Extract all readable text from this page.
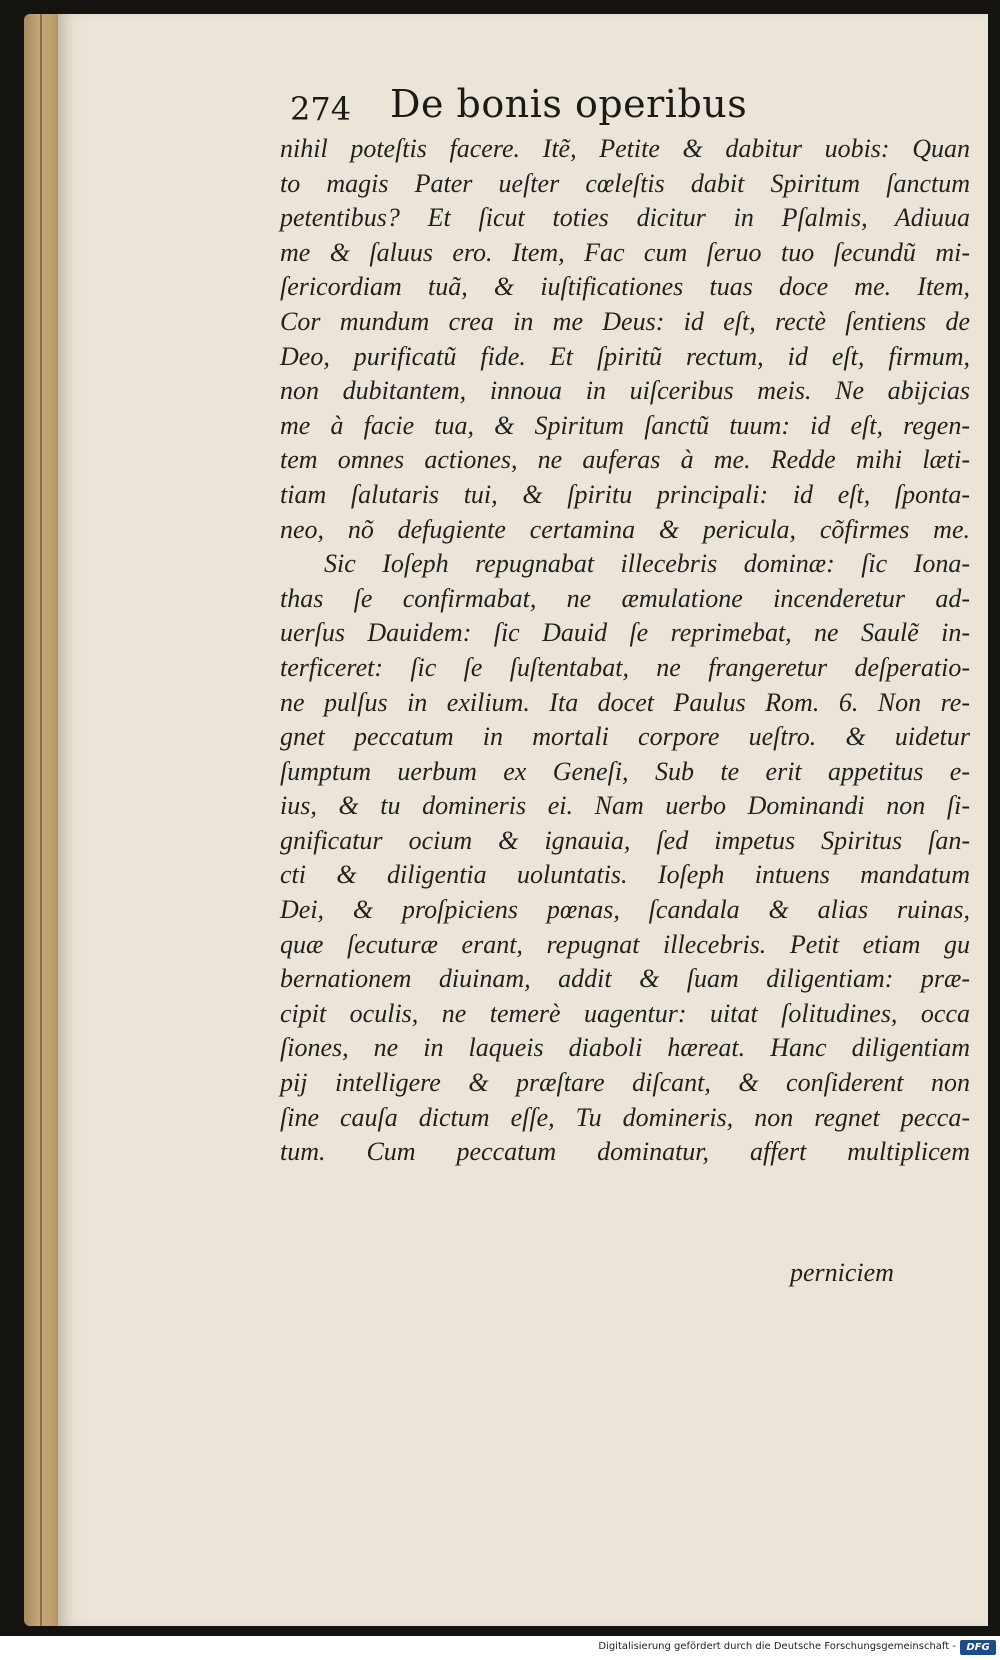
274 De bonis operibus
nihil poteſtis facere. Itẽ, Petite & dabitur uobis: Quan
to magis Pater ueſter cœleſtis dabit Spiritum ſanctum
petentibus? Et ſicut toties dicitur in Pſalmis, Adiuua
me & ſaluus ero. Item, Fac cum ſeruo tuo ſecundũ mi-
ſericordiam tuã, & iuſtificationes tuas doce me. Item,
Cor mundum crea in me Deus: id eſt, rectè ſentiens de
Deo, purificatũ fide. Et ſpiritũ rectum, id eſt, firmum,
non dubitantem, innoua in uiſceribus meis. Ne abijcias
me à facie tua, & Spiritum ſanctũ tuum: id eſt, regen-
tem omnes actiones, ne auferas à me. Redde mihi læti-
tiam ſalutaris tui, & ſpiritu principali: id eſt, ſponta-
neo, nõ defugiente certamina & pericula, cõfirmes me.
Sic Ioſeph repugnabat illecebris dominæ: ſic Iona-
thas ſe confirmabat, ne æmulatione incenderetur ad-
uerſus Dauidem: ſic Dauid ſe reprimebat, ne Saulẽ in-
terficeret: ſic ſe ſuſtentabat, ne frangeretur deſperatio-
ne pulſus in exilium. Ita docet Paulus Rom. 6. Non re-
gnet peccatum in mortali corpore ueſtro. & uidetur
ſumptum uerbum ex Geneſi, Sub te erit appetitus e-
ius, & tu domineris ei. Nam uerbo Dominandi non ſi-
gnificatur ocium & ignauia, ſed impetus Spiritus ſan-
cti & diligentia uoluntatis. Ioſeph intuens mandatum
Dei, & proſpiciens pœnas, ſcandala & alias ruinas,
quæ ſecuturæ erant, repugnat illecebris. Petit etiam gu
bernationem diuinam, addit & ſuam diligentiam: præ-
cipit oculis, ne temerè uagentur: uitat ſolitudines, occa
ſiones, ne in laqueis diaboli hæreat. Hanc diligentiam
pij intelligere & præſtare diſcant, & conſiderent non
ſine cauſa dictum eſſe, Tu domineris, non regnet pecca-
tum. Cum peccatum dominatur, affert multiplicem
perniciem
Digitalisierung gefördert durch die Deutsche Forschungsgemeinschaft -	DFG
